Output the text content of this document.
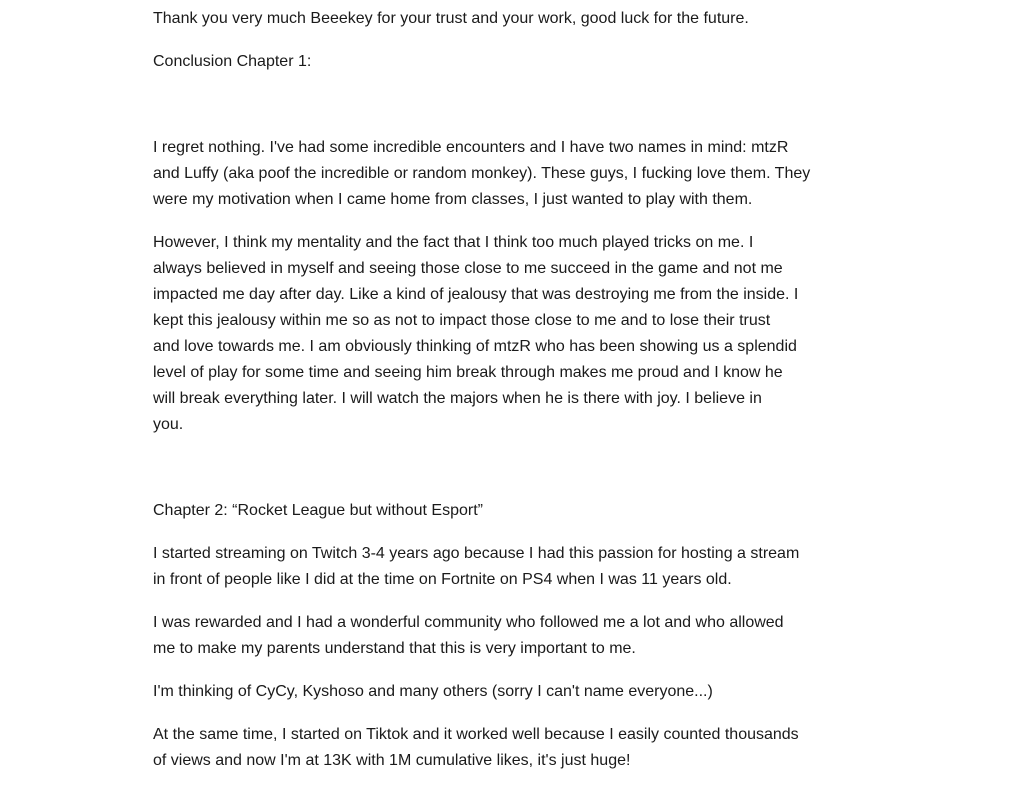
Thank you very much Beeekey for your trust and your work, good luck for the future.

Conclusion Chapter 1:

I regret nothing. I've had some incredible encounters and I have two names in mind: mtzR

and Luffy (aka poof the incredible or random monkey). These guys, I fucking love them. They

were my motivation when I came home from classes, I just wanted to play with them.

However, I think my mentality and the fact that I think too much played tricks on me. I

always believed in myself and seeing those close to me succeed in the game and not me

impacted me day after day. Like a kind of jealousy that was destroying me from the inside. I

kept this jealousy within me so as not to impact those close to me and to lose their trust

and love towards me. I am obviously thinking of mtzR who has been showing us a splendid

level of play for some time and seeing him break through makes me proud and I know he

will break everything later. I will watch the majors when he is there with joy. I believe in

you.

Chapter 2: “Rocket League but without Esport”

I started streaming on Twitch 3-4 years ago because I had this passion for hosting a stream

in front of people like I did at the time on Fortnite on PS4 when I was 11 years old.

I was rewarded and I had a wonderful community who followed me a lot and who allowed

me to make my parents understand that this is very important to me.

I'm thinking of CyCy, Kyshoso and many others (sorry I can't name everyone...)

At the same time, I started on Tiktok and it worked well because I easily counted thousands

of views and now I'm at 13K with 1M cumulative likes, it's just huge!
